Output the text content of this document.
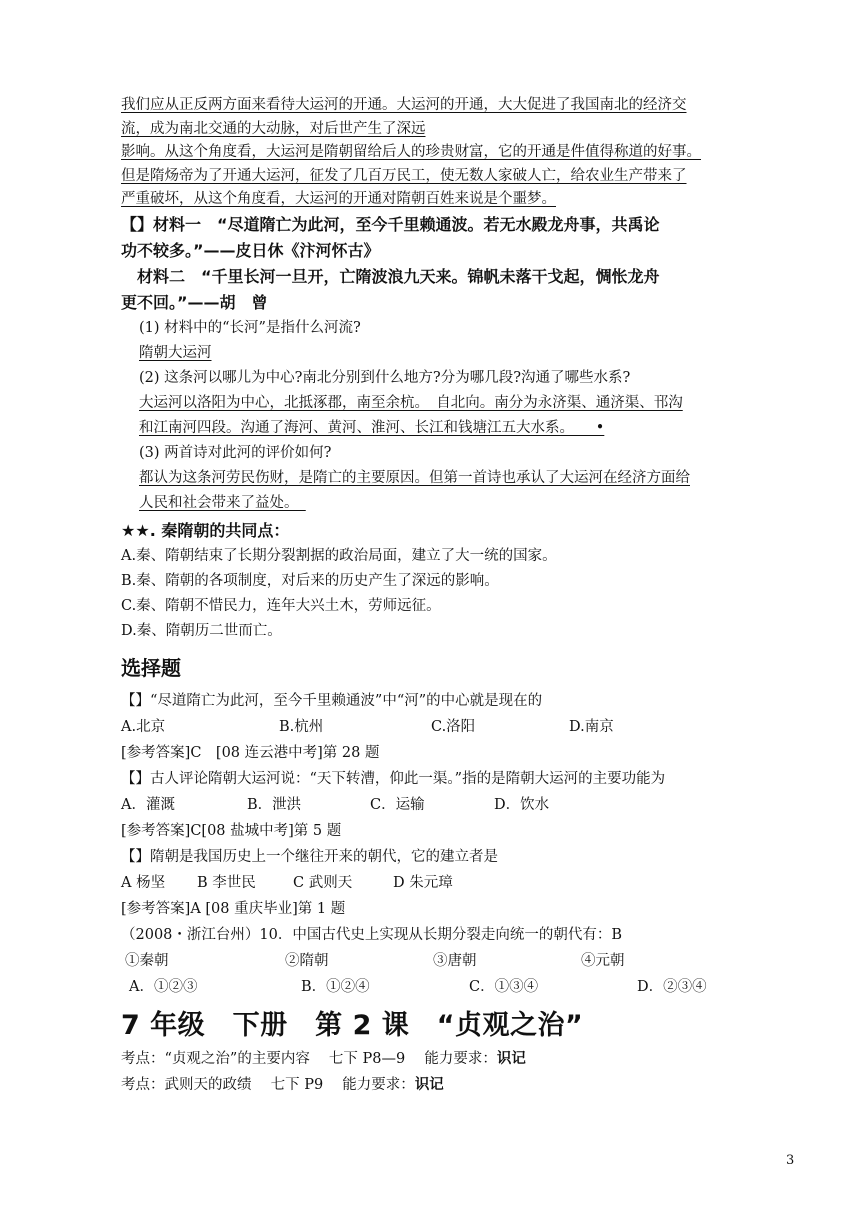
我们应从正反两方面来看待大运河的开通。大运河的开通，大大促进了我国南北的经济交

流，成为南北交通的大动脉，对后世产生了深远

影响。从这个角度看，大运河是隋朝留给后人的珍贵财富，它的开通是件值得称道的好事。

但是隋炀帝为了开通大运河，征发了几百万民工，使无数人家破人亡，给农业生产带来了

严重破坏，从这个角度看，大运河的开通对隋朝百姓来说是个噩梦。

【】材料一　“尽道隋亡为此河，至今千里赖通波。若无水殿龙舟事，共禹论

功不较多。”——皮日休《汴河怀古》

材料二　“千里长河一旦开，亡隋波浪九天来。锦帆未落干戈起，惆怅龙舟

更不回。”——胡　曾

(1) 材料中的“长河”是指什么河流?

隋朝大运河

(2) 这条河以哪儿为中心?南北分别到什么地方?分为哪几段?沟通了哪些水系?

大运河以洛阳为中心，北抵涿郡，南至余杭。　自北向。南分为永济渠、通济渠、邗沟

和江南河四段。沟通了海河、黄河、淮河、长江和钱塘江五大水系。　　•

(3) 两首诗对此河的评价如何?

都认为这条河劳民伤财，是隋亡的主要原因。但第一首诗也承认了大运河在经济方面给

人民和社会带来了益处。　

★★. 秦隋朝的共同点：

A.秦、隋朝结束了长期分裂割据的政治局面，建立了大一统的国家。

B.秦、隋朝的各项制度，对后来的历史产生了深远的影响。

C.秦、隋朝不惜民力，连年大兴土木，劳师远征。

D.秦、隋朝历二世而亡。

选择题

【】“尽道隋亡为此河，至今千里赖通波”中“河”的中心就是现在的

A.北京	B.杭州	C.洛阳	D.南京

[参考答案]C　[08 连云港中考]第 28 题

【】古人评论隋朝大运河说：“天下转漕，仰此一渠。”指的是隋朝大运河的主要功能为

A．灌溉	B．泄洪	C．运输	D．饮水

[参考答案]C[08 盐城中考]第 5 题

【】隋朝是我国历史上一个继往开来的朝代，它的建立者是

A 杨坚	B 李世民	C 武则天	D 朱元璋

[参考答案]A [08 重庆毕业]第 1 题

（2008・浙江台州）10．中国古代史上实现从长期分裂走向统一的朝代有：B

①秦朝	②隋朝	③唐朝	④元朝

A．①②③	B．①②④	C．①③④	D．②③④

7 年级　下册　第 2 课　“贞观之治”

考点：“贞观之治”的主要内容　 七下 P8—9　 能力要求：识记

考点：武则天的政绩　 七下 P9　 能力要求：识记

3
